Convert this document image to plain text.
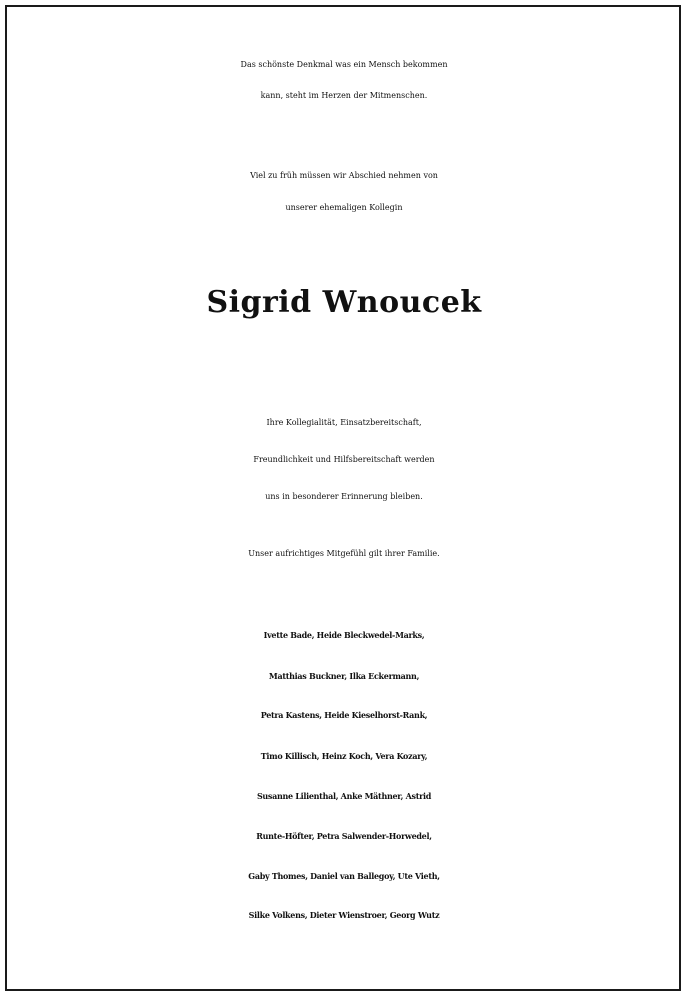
Das schönste Denkmal was ein Mensch bekommen
kann, steht im Herzen der Mitmenschen.
Viel zu früh müssen wir Abschied nehmen von
unserer ehemaligen Kollegin
Sigrid Wnoucek
Ihre Kollegialität, Einsatzbereitschaft,
Freundlichkeit und Hilfsbereitschaft werden
uns in besonderer Erinnerung bleiben.
Unser aufrichtiges Mitgefühl gilt ihrer Familie.
Ivette Bade, Heide Bleckwedel-Marks,
Matthias Buckner, Ilka Eckermann,
Petra Kastens, Heide Kieselhorst-Rank,
Timo Killisch, Heinz Koch, Vera Kozary,
Susanne Lilienthal, Anke Mäthner, Astrid
Runte-Höfter, Petra Salwender-Horwedel,
Gaby Thomes, Daniel van Ballegoy, Ute Vieth,
Silke Volkens, Dieter Wienstroer, Georg Wutz
